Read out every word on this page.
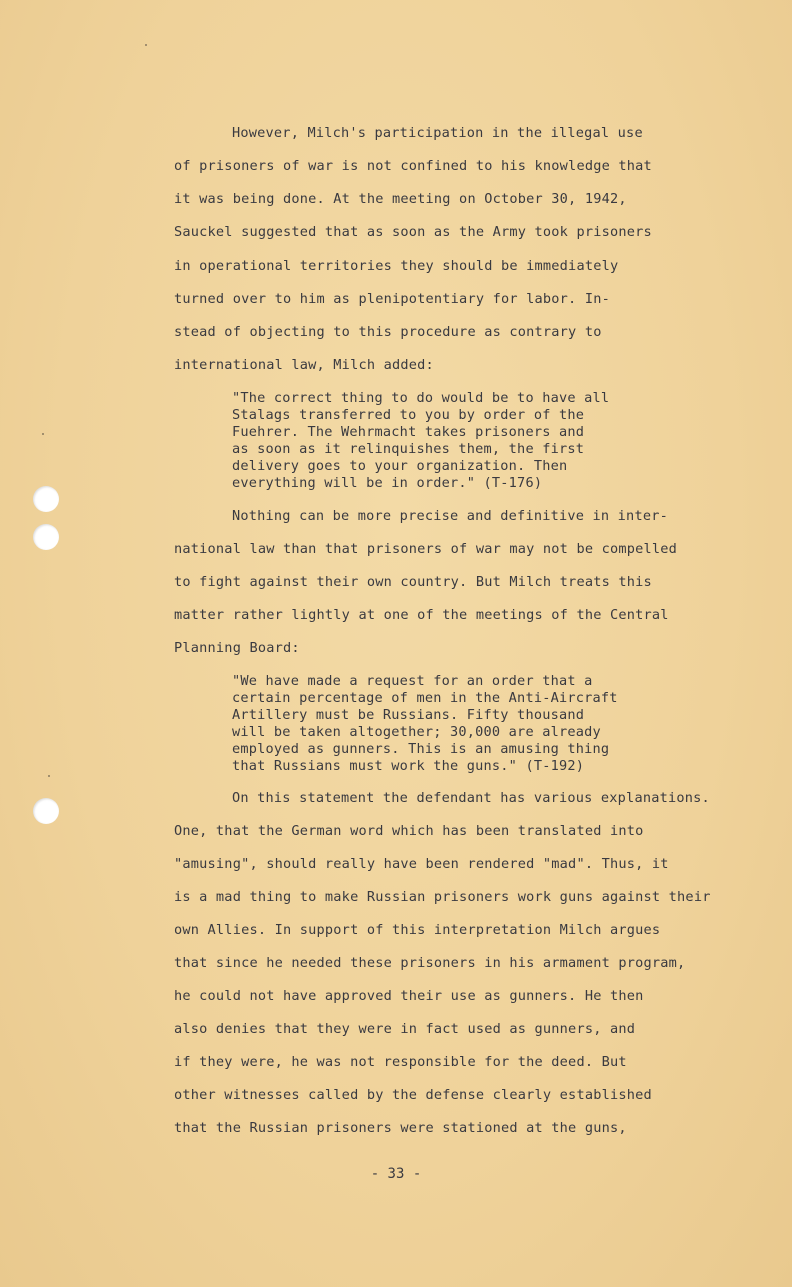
However, Milch's participation in the illegal use
of prisoners of war is not confined to his knowledge that
it was being done. At the meeting on October 30, 1942,
Sauckel suggested that as soon as the Army took prisoners
in operational territories they should be immediately
turned over to him as plenipotentiary for labor. In-
stead of objecting to this procedure as contrary to
international law, Milch added:
"The correct thing to do would be to have all
Stalags transferred to you by order of the
Fuehrer. The Wehrmacht takes prisoners and
as soon as it relinquishes them, the first
delivery goes to your organization. Then
everything will be in order." (T-176)
Nothing can be more precise and definitive in inter-
national law than that prisoners of war may not be compelled
to fight against their own country. But Milch treats this
matter rather lightly at one of the meetings of the Central
Planning Board:
"We have made a request for an order that a
certain percentage of men in the Anti-Aircraft
Artillery must be Russians. Fifty thousand
will be taken altogether; 30,000 are already
employed as gunners. This is an amusing thing
that Russians must work the guns." (T-192)
On this statement the defendant has various explanations.
One, that the German word which has been translated into
"amusing", should really have been rendered "mad". Thus, it
is a mad thing to make Russian prisoners work guns against their
own Allies. In support of this interpretation Milch argues
that since he needed these prisoners in his armament program,
he could not have approved their use as gunners. He then
also denies that they were in fact used as gunners, and
if they were, he was not responsible for the deed. But
other witnesses called by the defense clearly established
that the Russian prisoners were stationed at the guns,
- 33 -
